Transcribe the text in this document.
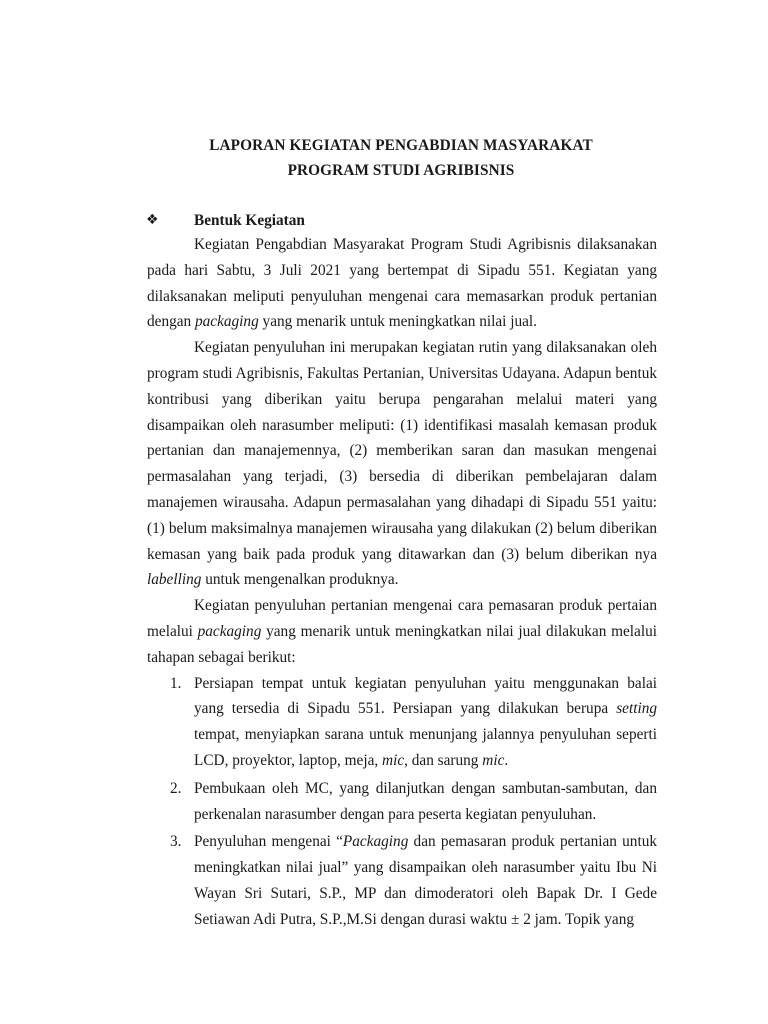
LAPORAN KEGIATAN PENGABDIAN MASYARAKAT
PROGRAM STUDI AGRIBISNIS
❖ Bentuk Kegiatan

Kegiatan Pengabdian Masyarakat Program Studi Agribisnis dilaksanakan pada hari Sabtu, 3 Juli 2021 yang bertempat di Sipadu 551. Kegiatan yang dilaksanakan meliputi penyuluhan mengenai cara memasarkan produk pertanian dengan packaging yang menarik untuk meningkatkan nilai jual.

Kegiatan penyuluhan ini merupakan kegiatan rutin yang dilaksanakan oleh program studi Agribisnis, Fakultas Pertanian, Universitas Udayana. Adapun bentuk kontribusi yang diberikan yaitu berupa pengarahan melalui materi yang disampaikan oleh narasumber meliputi: (1) identifikasi masalah kemasan produk pertanian dan manajemennya, (2) memberikan saran dan masukan mengenai permasalahan yang terjadi, (3) bersedia di diberikan pembelajaran dalam manajemen wirausaha. Adapun permasalahan yang dihadapi di Sipadu 551 yaitu: (1) belum maksimalnya manajemen wirausaha yang dilakukan (2) belum diberikan kemasan yang baik pada produk yang ditawarkan dan (3) belum diberikan nya labelling untuk mengenalkan produknya.

Kegiatan penyuluhan pertanian mengenai cara pemasaran produk pertaian melalui packaging yang menarik untuk meningkatkan nilai jual dilakukan melalui tahapan sebagai berikut:

1. Persiapan tempat untuk kegiatan penyuluhan yaitu menggunakan balai yang tersedia di Sipadu 551. Persiapan yang dilakukan berupa setting tempat, menyiapkan sarana untuk menunjang jalannya penyuluhan seperti LCD, proyektor, laptop, meja, mic, dan sarung mic.
2. Pembukaan oleh MC, yang dilanjutkan dengan sambutan-sambutan, dan perkenalan narasumber dengan para peserta kegiatan penyuluhan.
3. Penyuluhan mengenai “Packaging dan pemasaran produk pertanian untuk meningkatkan nilai jual” yang disampaikan oleh narasumber yaitu Ibu Ni Wayan Sri Sutari, S.P., MP dan dimoderatori oleh Bapak Dr. I Gede Setiawan Adi Putra, S.P.,M.Si dengan durasi waktu ± 2 jam. Topik yang
